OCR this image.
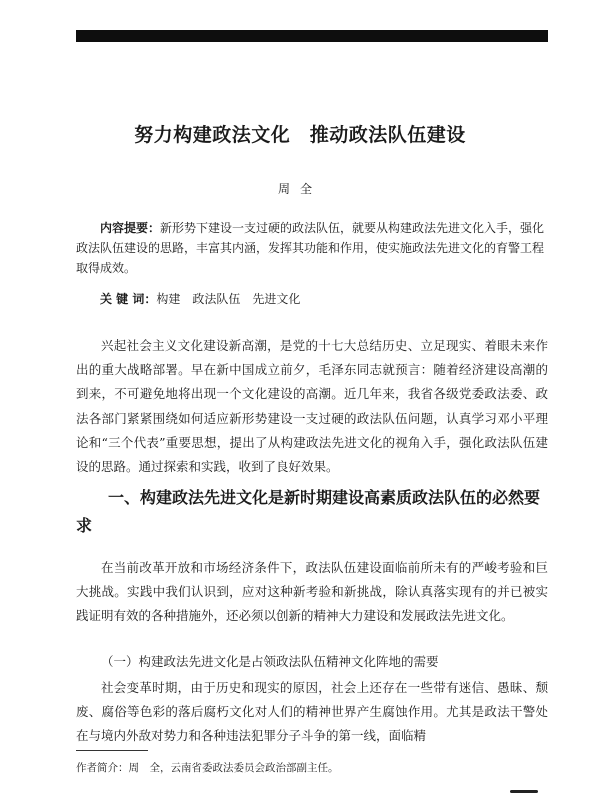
努力构建政法文化　推动政法队伍建设
周全

内容提要：新形势下建设一支过硬的政法队伍，就要从构建政法先进文化入手，强化政法队伍建设的思路，丰富其内涵，发挥其功能和作用，使实施政法先进文化的育警工程取得成效。

关 键 词：构建 政法队伍 先进文化

兴起社会主义文化建设新高潮，是党的十七大总结历史、立足现实、着眼未来作出的重大战略部署。早在新中国成立前夕，毛泽东同志就预言：随着经济建设高潮的到来，不可避免地将出现一个文化建设的高潮。近几年来，我省各级党委政法委、政法各部门紧紧围绕如何适应新形势建设一支过硬的政法队伍问题，认真学习邓小平理论和“三个代表”重要思想，提出了从构建政法先进文化的视角入手，强化政法队伍建设的思路。通过探索和实践，收到了良好效果。

一、构建政法先进文化是新时期建设高素质政法队伍的必然要求

在当前改革开放和市场经济条件下，政法队伍建设面临前所未有的严峻考验和巨大挑战。实践中我们认识到，应对这种新考验和新挑战，除认真落实现有的并已被实践证明有效的各种措施外，还必须以创新的精神大力建设和发展政法先进文化。

（一）构建政法先进文化是占领政法队伍精神文化阵地的需要

社会变革时期，由于历史和现实的原因，社会上还存在一些带有迷信、愚昧、颓废、腐俗等色彩的落后腐朽文化对人们的精神世界产生腐蚀作用。尤其是政法干警处在与境内外敌对势力和各种违法犯罪分子斗争的第一线，面临精

作者简介：周　全，云南省委政法委员会政治部副主任。
